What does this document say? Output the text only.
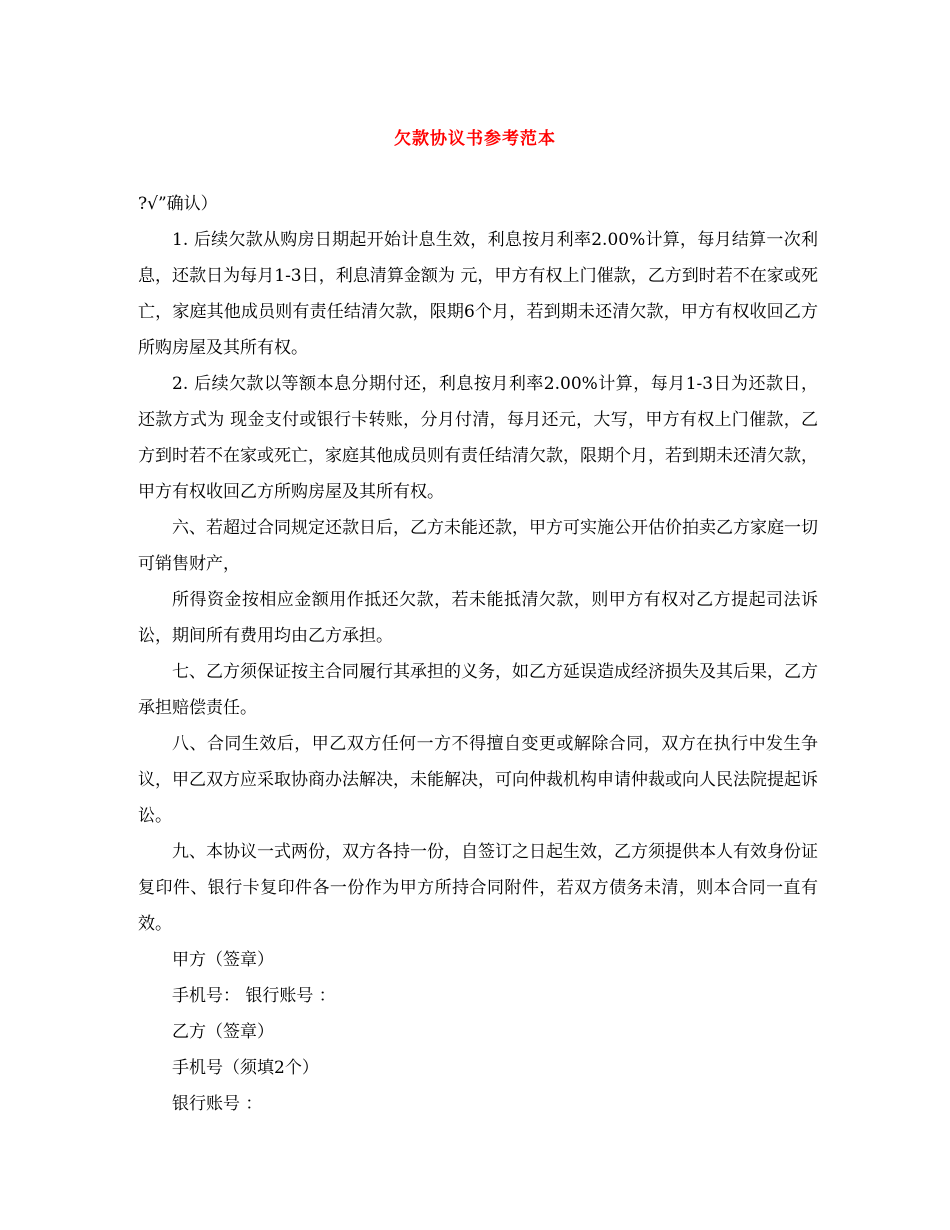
欠款协议书参考范本

?√”确认）

1. 后续欠款从购房日期起开始计息生效，利息按月利率2.00%计算，每月结算一次利息，还款日为每月1-3日，利息清算金额为 元，甲方有权上门催款，乙方到时若不在家或死亡，家庭其他成员则有责任结清欠款，限期6个月，若到期未还清欠款，甲方有权收回乙方所购房屋及其所有权。

2. 后续欠款以等额本息分期付还，利息按月利率2.00%计算，每月1-3日为还款日，还款方式为 现金支付或银行卡转账，分月付清，每月还元，大写，甲方有权上门催款，乙方到时若不在家或死亡，家庭其他成员则有责任结清欠款，限期个月，若到期未还清欠款，甲方有权收回乙方所购房屋及其所有权。

六、若超过合同规定还款日后，乙方未能还款，甲方可实施公开估价拍卖乙方家庭一切可销售财产，

所得资金按相应金额用作抵还欠款，若未能抵清欠款，则甲方有权对乙方提起司法诉讼，期间所有费用均由乙方承担。

七、乙方须保证按主合同履行其承担的义务，如乙方延误造成经济损失及其后果，乙方承担赔偿责任。

八、合同生效后，甲乙双方任何一方不得擅自变更或解除合同，双方在执行中发生争议，甲乙双方应采取协商办法解决，未能解决，可向仲裁机构申请仲裁或向人民法院提起诉讼。

九、本协议一式两份，双方各持一份，自签订之日起生效，乙方须提供本人有效身份证复印件、银行卡复印件各一份作为甲方所持合同附件，若双方债务未清，则本合同一直有效。

甲方（签章）

手机号： 银行账号 ：

乙方（签章）

手机号（须填2个）

银行账号 ：
